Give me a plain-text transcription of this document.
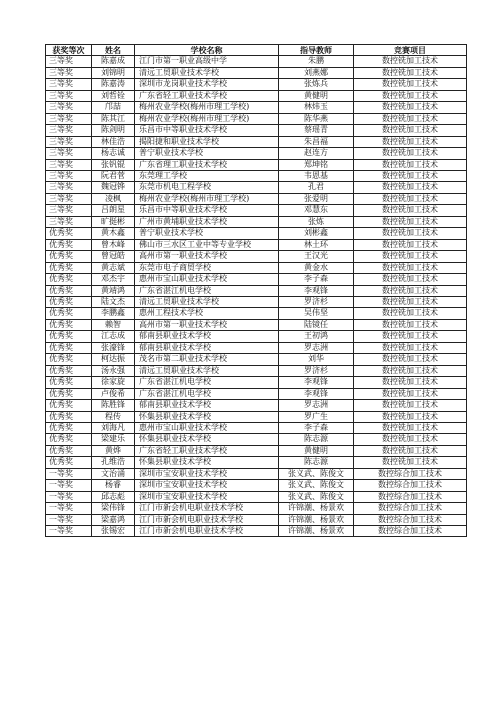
获奖等次	姓名	学校名称	指导教师	竞赛项目
三等奖	陈嘉成	江门市第一职业高级中学	朱鹏	数控铣加工技术
三等奖	刘锦明	清远工贸职业技术学校	刘燕娜	数控铣加工技术
三等奖	陈嘉涛	深圳市龙岗职业技术学校	张炼兵	数控铣加工技术
三等奖	刘哲铨	广东省轻工职业技术学校	黄健明	数控铣加工技术
三等奖	邝喆	梅州农业学校(梅州市理工学校)	林炜玉	数控铣加工技术
三等奖	陈其江	梅州农业学校(梅州市理工学校)	陈华燕	数控铣加工技术
三等奖	陈剑明	乐昌市中等职业技术学校	蔡瑶青	数控铣加工技术
三等奖	林佳浩	揭阳捷和职业技术学校	朱昌福	数控铣加工技术
三等奖	杨志诚	普宁职业技术学校	赵连方	数控铣加工技术
三等奖	张钒锟	广东省理工职业技术学校	郑坤铭	数控铣加工技术
三等奖	阮君菅	东莞理工学校	韦恩基	数控铣加工技术
三等奖	魏冠铧	东莞市机电工程学校	孔君	数控铣加工技术
三等奖	凌枫	梅州农业学校(梅州市理工学校)	张爱明	数控铣加工技术
三等奖	吕朗星	乐昌市中等职业技术学校	邓慧东	数控铣加工技术
三等奖	旷挺彬	广州市黄埔职业技术学校	张炼	数控铣加工技术
优秀奖	黄木鑫	普宁职业技术学校	刘彬鑫	数控铣加工技术
优秀奖	曾木峰	佛山市三水区工业中等专业学校	林土环	数控铣加工技术
优秀奖	曾冠皓	高州市第一职业技术学校	王汉光	数控铣加工技术
优秀奖	黄志斌	东莞市电子商贸学校	黄金水	数控铣加工技术
优秀奖	邓杰宇	惠州市宝山职业技术学校	李子森	数控铣加工技术
优秀奖	黄靖鸿	广东省湛江机电学校	李观锋	数控铣加工技术
优秀奖	陆文杰	清远工贸职业技术学校	罗济杉	数控铣加工技术
优秀奖	李鹏鑫	惠州工程技术学校	吴伟坚	数控铣加工技术
优秀奖	赖智	高州市第一职业技术学校	陆镜任	数控铣加工技术
优秀奖	江志成	郁南县职业技术学校	王初鸿	数控铣加工技术
优秀奖	张濠锋	郁南县职业技术学校	罗志洲	数控铣加工技术
优秀奖	柯达振	茂名市第二职业技术学校	刘华	数控铣加工技术
优秀奖	汤永强	清远工贸职业技术学校	罗济杉	数控铣加工技术
优秀奖	徐家旋	广东省湛江机电学校	李观锋	数控铣加工技术
优秀奖	卢俊希	广东省湛江机电学校	李观锋	数控铣加工技术
优秀奖	陈胜锋	郁南县职业技术学校	罗志洲	数控铣加工技术
优秀奖	程传	怀集县职业技术学校	罗广生	数控铣加工技术
优秀奖	刘海凡	惠州市宝山职业技术学校	李子森	数控铣加工技术
优秀奖	梁建乐	怀集县职业技术学校	陈志源	数控铣加工技术
优秀奖	黄烨	广东省轻工职业技术学校	黄健明	数控铣加工技术
优秀奖	孔维浩	怀集县职业技术学校	陈志源	数控铣加工技术
一等奖	文治涌	深圳市宝安职业技术学校	张义武、陈俊文	数控综合加工技术
一等奖	杨睿	深圳市宝安职业技术学校	张义武、陈俊文	数控综合加工技术
一等奖	邱志彪	深圳市宝安职业技术学校	张义武、陈俊文	数控综合加工技术
一等奖	梁伟锋	江门市新会机电职业技术学校	许锦潮、杨景欢	数控综合加工技术
一等奖	梁嘉鸿	江门市新会机电职业技术学校	许锦潮、杨景欢	数控综合加工技术
一等奖	张锡宏	江门市新会机电职业技术学校	许锦潮、杨景欢	数控综合加工技术
